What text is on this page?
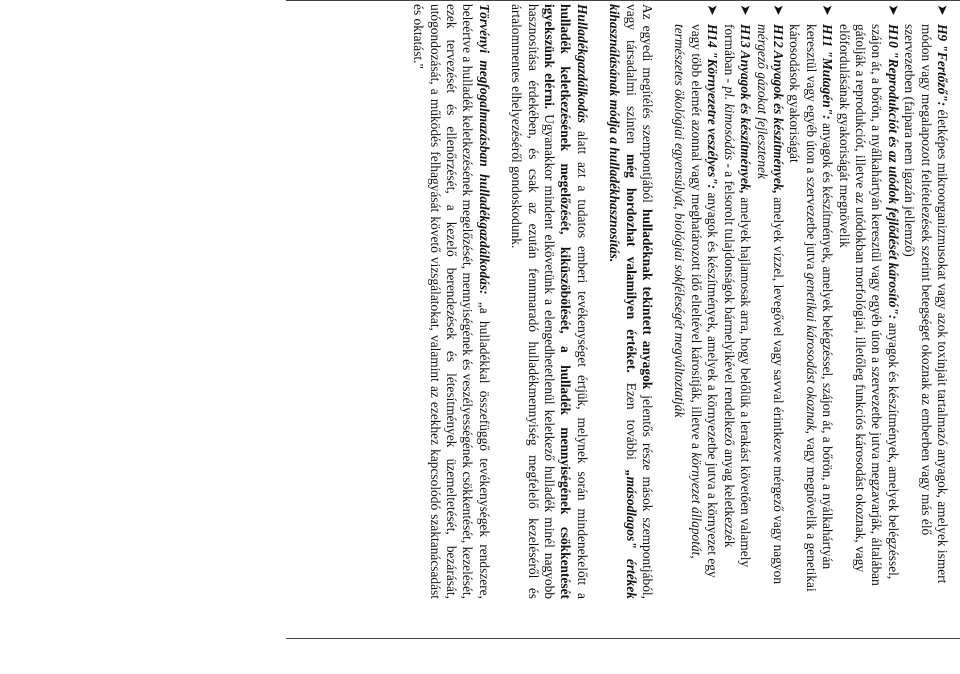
➤
H9 "Fertőző": életképes mikroorganizmusokat vagy azok toxinjait tartalmazó anyagok, amelyek ismert módon vagy megalapozott feltételezések szerint betegséget okoznak az emberben vagy más élő szervezetben (faipara nem igazán jellemző)
➤
H10 "Reprodukciót és az utódok fejlődését károsító": anyagok és készítmények, amelyek belégzéssel, szájon át, a bőrön, a nyálkahártyán keresztül vagy egyéb úton a szervezetbe jutva megzavarják, általában gátolják a reprodukciót, illetve az utódokban morfológiai, illetőleg funkciós károsodást okoznak, vagy előfordulásának gyakoriságát megnövelik
➤
H11 "Mutagén": anyagok és készítmények, amelyek belégzéssel, szájon át, a bőrön, a nyálkahártyán keresztül vagy egyéb úton a szervezetbe jutva genetikai károsodást okoznak, vagy megnövelik a genetikai károsodások gyakoriságát
➤
H12 Anyagok és készítmények, amelyek vízzel, levegővel vagy savval érintkezve mérgező vagy nagyon mérgező gázokat fejlesztenek
➤
H13 Anyagok és készítmények, amelyek hajlamosak arra, hogy belőlük a lerakást követően valamely formában - pl. kimosódás - a felsorolt tulajdonságok bármelyikével rendelkező anyag keletkezzék
➤
H14 "Környezetre veszélyes": anyagok és készítmények, amelyek a környezetbe jutva a környezet egy vagy több elemét azonnal vagy meghatározott idő elteltével károsítják, illetve a környezet állapotát, természetes ökológiai egyensúlyát, biológiai sokféleségét megváltoztatják

Az egyedi megítélés szempontjából hulladéknak tekintett anyagok jelentős része mások szempontjából, vagy társadalmi szinten még hordozhat valamilyen értéket. Ezen további „másodlagos" értékek kihasználásának módja a hulladékhasznosítás.

Hulladékgazdálkodás alatt azt a tudatos emberi tevékenységet értjük, melynek során mindenekelőtt a hulladék keletkezésének megelőzését, kiküszöbölését, a hulladék mennyiségének csökkentését igyekszünk elérni. Ugyanakkor mindent elkövetünk a elengedhetetlenül keletkező hulladék minél nagyobb hasznosítása érdekében, és csak az ezután fennmaradó hulladékmennyiség megfelelő kezeléséről és ártalommentes elhelyezéséről gondoskodunk.

Törvényi megfogalmazásban hulladékgazdálkodás: „a hulladékkal összefüggő tevékenységek rendszere, beleértve a hulladék keletkezésének megelőzését, mennyiségének és veszélyességének csökkentését, kezelését, ezek tervezését és ellenőrzését, a kezelő berendezések és létesítmények üzemeltetését, bezárását, utógondozását, a működés felhagyását követő vizsgálatokat, valamint az ezekhez kapcsolódó szaktanácsadást és oktatást."
